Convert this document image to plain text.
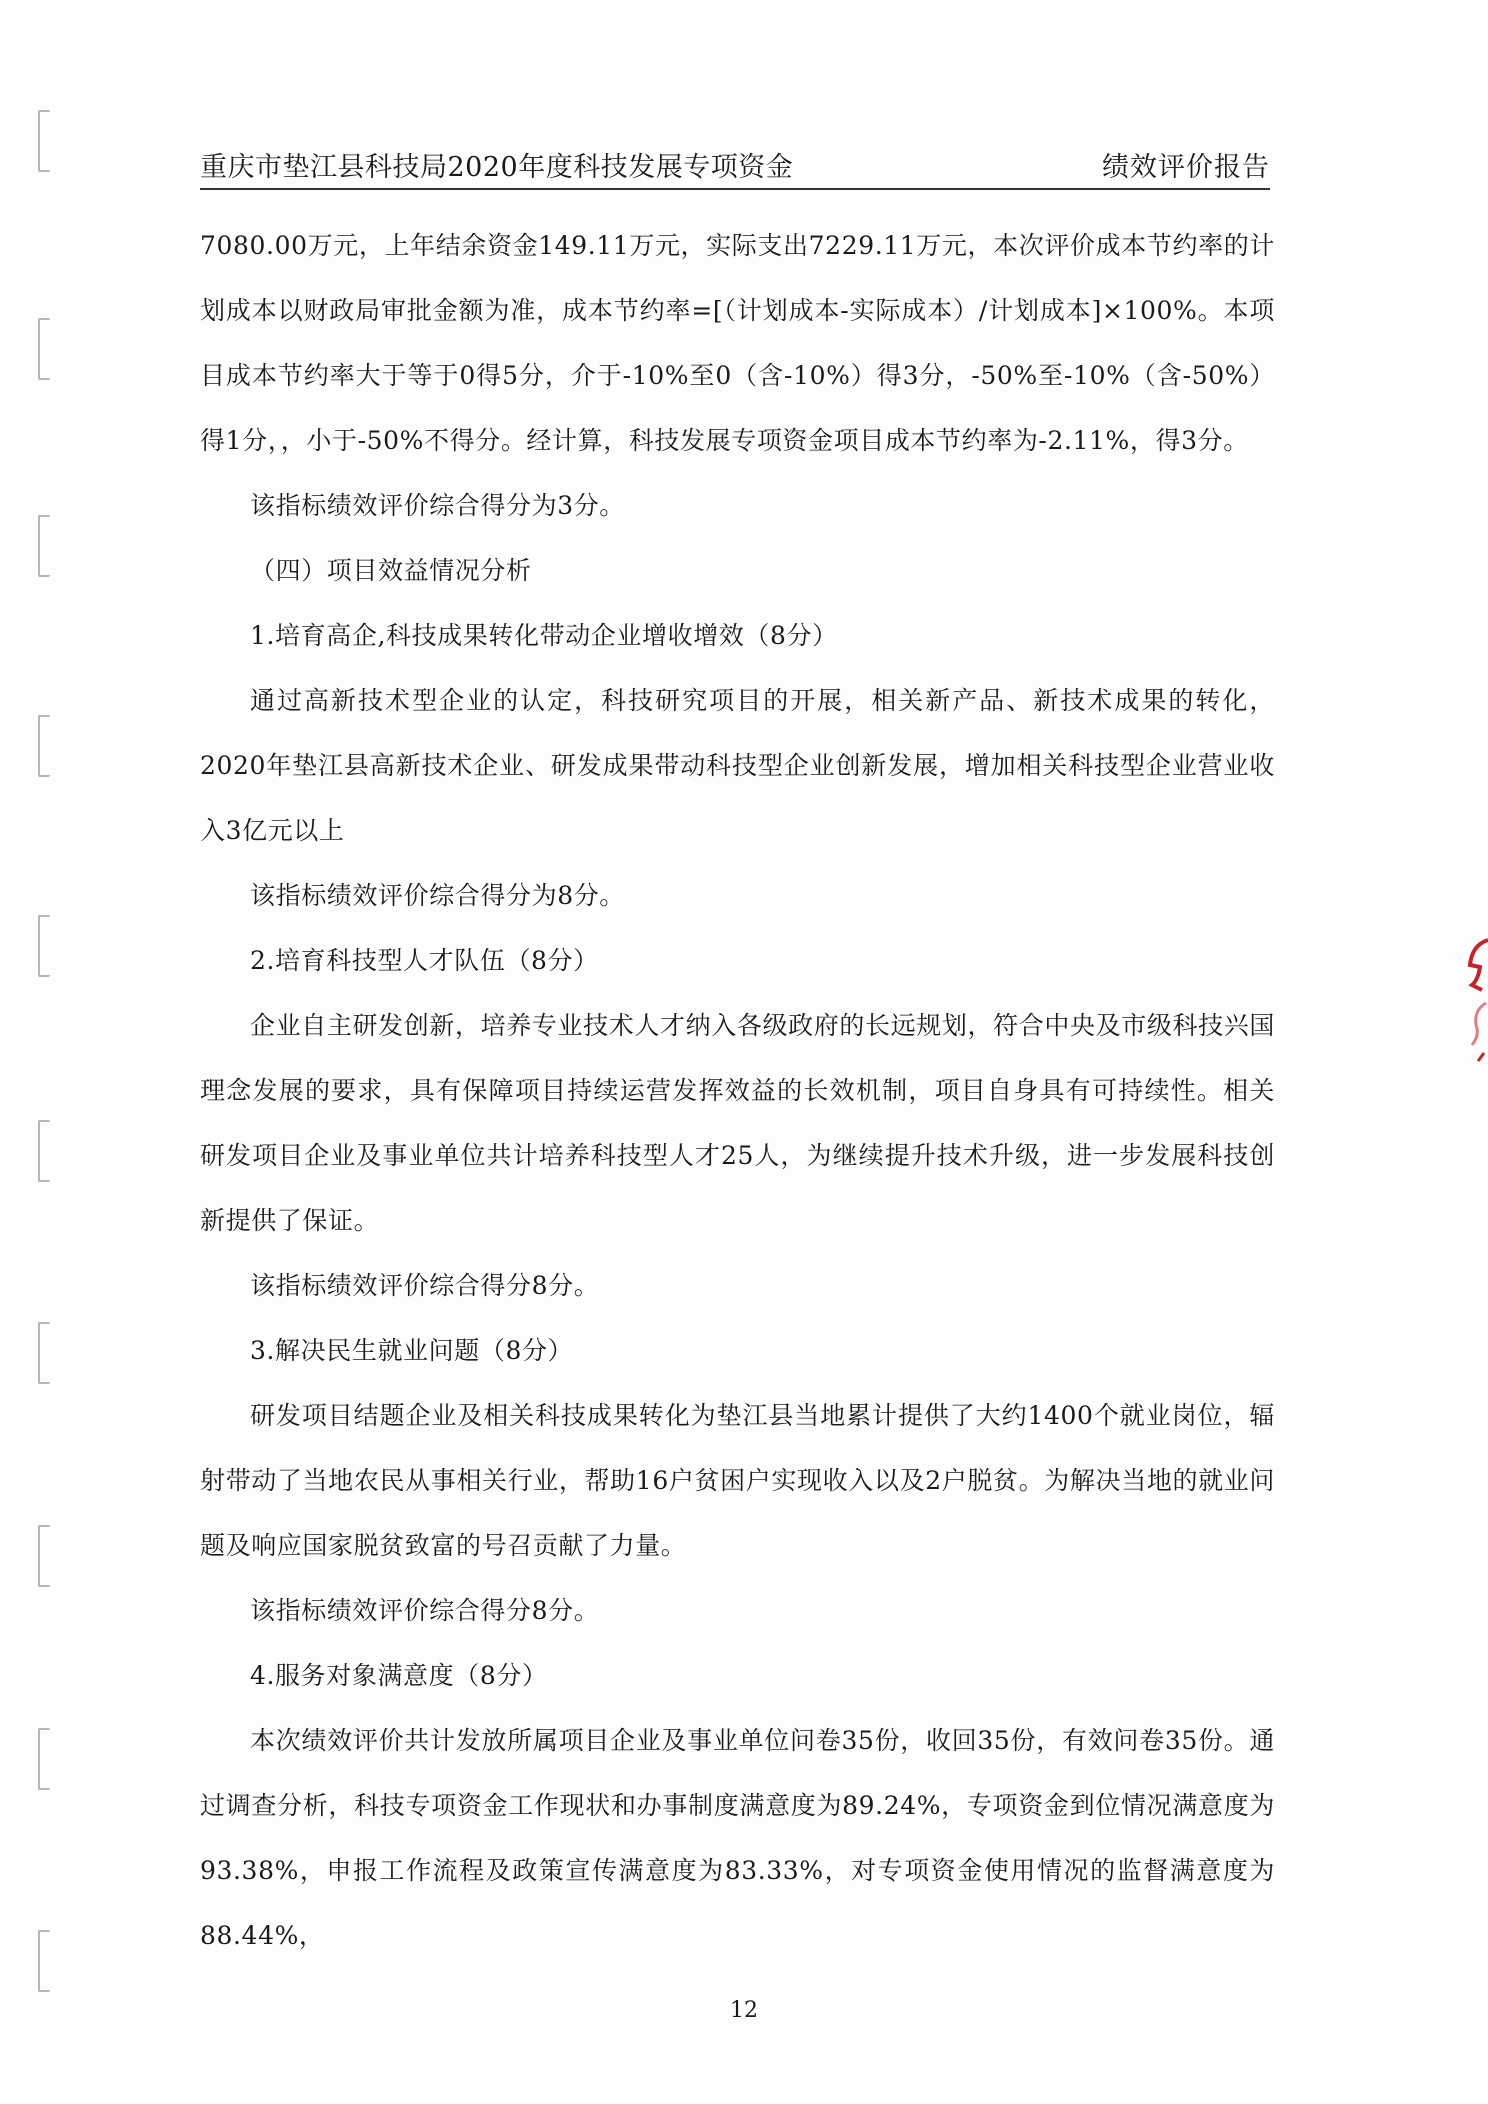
重庆市垫江县科技局2020年度科技发展专项资金	绩效评价报告

7080.00万元，上年结余资金149.11万元，实际支出7229.11万元，本次评价成本节约率的计划成本以财政局审批金额为准，成本节约率=[（计划成本-实际成本）/计划成本]×100%。本项目成本节约率大于等于0得5分，介于-10%至0（含-10%）得3分，-50%至-10%（含-50%）得1分，，小于-50%不得分。经计算，科技发展专项资金项目成本节约率为-2.11%，得3分。

该指标绩效评价综合得分为3分。

（四）项目效益情况分析

1.培育高企,科技成果转化带动企业增收增效（8分）

通过高新技术型企业的认定，科技研究项目的开展，相关新产品、新技术成果的转化，2020年垫江县高新技术企业、研发成果带动科技型企业创新发展，增加相关科技型企业营业收入3亿元以上

该指标绩效评价综合得分为8分。

2.培育科技型人才队伍（8分）

企业自主研发创新，培养专业技术人才纳入各级政府的长远规划，符合中央及市级科技兴国理念发展的要求，具有保障项目持续运营发挥效益的长效机制，项目自身具有可持续性。相关研发项目企业及事业单位共计培养科技型人才25人，为继续提升技术升级，进一步发展科技创新提供了保证。

该指标绩效评价综合得分8分。

3.解决民生就业问题（8分）

研发项目结题企业及相关科技成果转化为垫江县当地累计提供了大约1400个就业岗位，辐射带动了当地农民从事相关行业，帮助16户贫困户实现收入以及2户脱贫。为解决当地的就业问题及响应国家脱贫致富的号召贡献了力量。

该指标绩效评价综合得分8分。

4.服务对象满意度（8分）

本次绩效评价共计发放所属项目企业及事业单位问卷35份，收回35份，有效问卷35份。通过调查分析，科技专项资金工作现状和办事制度满意度为89.24%，专项资金到位情况满意度为93.38%，申报工作流程及政策宣传满意度为83.33%，对专项资金使用情况的监督满意度为88.44%，

12
